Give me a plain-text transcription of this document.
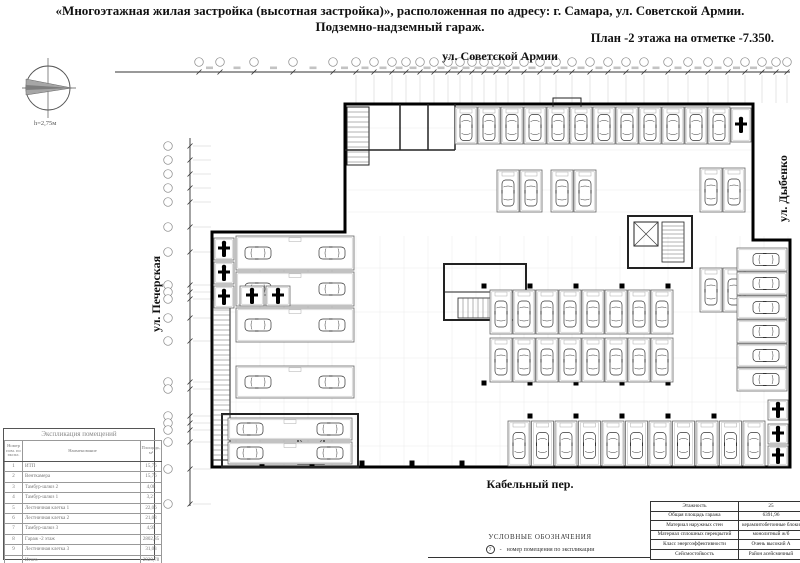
h=2,75м
«Многоэтажная жилая застройка (высотная застройка)», расположенная по адресу: г. Самара, ул. Советской Армии.
Подземно-надземный гараж.
План -2 этажа на отметке -7.350.
ул. Советской Армии
Кабельный пер.
ул. Дыбенко
ул. Печерская
Экспликация помещений
Номер пом. по экспл.	Наименование	Площадь, м²
1	ИТП	15,76
2	Венткамера	15,76
3	Тамбур-шлюз 2	4,08
4	Тамбур-шлюз 1	3,21
5	Лестничная клетка 1	22,06
6	Лестничная клетка 2	21,08
7	Тамбур-шлюз 3	4,95
8	Гараж -2 этаж	2802,85
9	Лестничная клетка 3	31,03
	Итого	2920,78
Этажность	25
Общая площадь гаража	6391,96
Материал наружных стен	керамзитобетонные блоки
Материал сплошных перекрытий	монолитный ж/б
Класс энергоэффективности	Очень высокий А
Сейсмостойкость	Район асейсмичный
УСЛОВНЫЕ ОБОЗНАЧЕНИЯ
7	- номер помещения по экспликации
